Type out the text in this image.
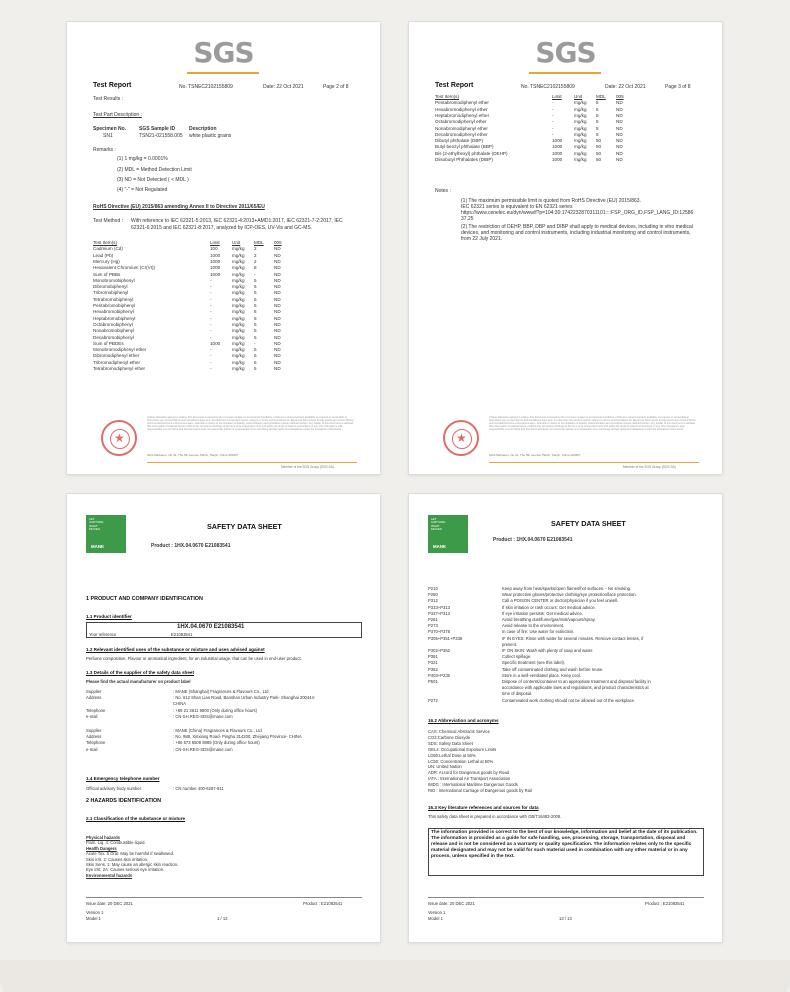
SGS
Test Report	No. TSNEC2102155809	Date: 22 Oct 2021	Page 2 of 8
Test Results :
Test Part Description :
Specimen No.	SGS Sample ID	Description
SN1	TSN21-021558.005 white plastic grains
Remarks :
(1) 1 mg/kg = 0.0001%
(2) MDL = Method Detection Limit
(3) ND = Not Detected ( < MDL )
(4) "-" = Not Regulated
RoHS Directive (EU) 2015/863 amending Annex II to Directive 2011/65/EU
Test Method : With reference to IEC 62321-5:2013, IEC 62321-4:2013+AMD1:2017, IEC 62321-7-2:2017, IEC
62321-6:2015 and IEC 62321-8:2017, analyzed by ICP-OES, UV-Vis and GC-MS.
Test Item(s)	Limit	Unit	MDL 005
Cadmium (Cd)	100	mg/kg 2	ND
Lead (Pb)	1000	mg/kg 2	ND
Mercury (Hg)	1000	mg/kg 2	ND
Hexavalent Chromium (Cr(VI))	1000	mg/kg 8	ND
Sum of PBBs	1000	mg/kg -	ND
Monobromobiphenyl	-	mg/kg 5	ND
Dibromobiphenyl	-	mg/kg 5	ND
Tribromobiphenyl	-	mg/kg 5	ND
Tetrabromobiphenyl	-	mg/kg 5	ND
Pentabromobiphenyl	-	mg/kg 5	ND
Hexabromobiphenyl	-	mg/kg 5	ND
Heptabromobiphenyl	-	mg/kg 5	ND
Octabromobiphenyl	-	mg/kg 5	ND
Nonabromobiphenyl	-	mg/kg 5	ND
Decabromobiphenyl	-	mg/kg 5	ND
Sum of PBDEs	1000	mg/kg -	ND
Monobromodiphenyl ether	-	mg/kg 5	ND
Dibromodiphenyl ether	-	mg/kg 5	ND
Tribromodiphenyl ether	-	mg/kg 5	ND
Tetrabromodiphenyl ether	-	mg/kg 5	ND
Unless otherwise agreed in writing, this document is issued by the Company subject to its General Conditions of Service printed overleaf, available on request or accessible at http://www.sgs.com/en/Terms-and-Conditions.aspx and, for electronic format documents, subject to Terms and Conditions for Electronic Documents at http://www.sgs.com/en/Terms-and-Conditions/Terms-e-Document.aspx. Attention is drawn to the limitation of liability, indemnification and jurisdiction issues defined therein. Any holder of this document is advised that information contained hereon reflects the Company's findings at the time of its intervention only and within the limits of Client's instructions, if any. The Company's sole responsibility is to its Client and this document does not exonerate parties to a transaction from exercising all their rights and obligations under the transaction documents.
★
SGS Marketon, No.41, The 5th Avenue TEDA, Tianjin, China 300457
Member of the SGS Group (SGS SA)
SGS
Test Report	No. TSNEC2102155809	Date: 22 Oct 2021	Page 3 of 8
Test Item(s)	Limit	Unit	MDL 005
Pentabromodiphenyl ether	-	mg/kg 5	ND
Hexabromodiphenyl ether	-	mg/kg 5	ND
Heptabromodiphenyl ether	-	mg/kg 5	ND
Octabromodiphenyl ether	-	mg/kg 5	ND
Nonabromodiphenyl ether	-	mg/kg 5	ND
Decabromodiphenyl ether	-	mg/kg 5	ND
Dibutyl phthalate (DBP)	1000	mg/kg 50	ND
Butyl benzyl phthalate (BBP)	1000	mg/kg 50	ND
Bis (2-ethylhexyl) phthalate (DEHP)	1000	mg/kg 50	ND
Diisobutyl Phthalates (DIBP)	1000	mg/kg 50	ND
Notes :
(1) The maximum permissible limit is quoted from RoHS Directive (EU) 2015/863.
IEC 62321 series is equivalent to EN 62321 series
https://www.cenelec.eu/dyn/www/f?p=104:30:1742232870311101::::FSP_ORG_ID,FSP_LANG_ID:12586
37,25
(2) The restriction of DEHP, BBP, DBP and DIBP shall apply to medical devices, including in vitro medical
devices, and monitoring and control instruments, including industrial monitoring and control instruments,
from 22 July 2021.
Unless otherwise agreed in writing, this document is issued by the Company subject to its General Conditions of Service printed overleaf, available on request or accessible at http://www.sgs.com/en/Terms-and-Conditions.aspx and, for electronic format documents, subject to Terms and Conditions for Electronic Documents at http://www.sgs.com/en/Terms-and-Conditions/Terms-e-Document.aspx. Attention is drawn to the limitation of liability, indemnification and jurisdiction issues defined therein. Any holder of this document is advised that information contained hereon reflects the Company's findings at the time of its intervention only and within the limits of Client's instructions, if any. The Company's sole responsibility is to its Client and this document does not exonerate parties to a transaction from exercising all their rights and obligations under the transaction documents.
★
SGS Marketon, No.41, The 5th Avenue TEDA, Tianjin, China 300457
Member of the SGS Group (SGS SA)
LET CAPTURE WHAT MOVES
MANE
SAFETY DATA SHEET
Product : 1HX.04.0670 E21083541
1 PRODUCT AND COMPANY IDENTIFICATION
1.1 Product identifier
1HX.04.0670 E21083541
Your reference	E21083541
1.2 Relevant identified uses of the substance or mixture and uses advised against
Perfume composition, Flavour or aromatical ingredient, for an industrial usage, that can be used in end-user product.
1.3 Details of the supplier of the safety data sheet
Please find the actual manufacturer on product label
Supplier	: MANE (Shanghai) Fragrances & Flavours Co., Ltd
Address	: No. 612 Shan Lian Road, Baoshan Urban Industry Park- Shanghai 200444-
CHINA
Telephone	: +86 21 3611 9900 (Only during office hours)
e-mail	: CN-SH.REG-SDS@mane.com
Supplier	: MANE (China) Fragrances & Flavours Co., Ltd
Address	: No. 988, Xinxiang Road- Pinghu 314200, Zhejiang Province- CHINA
Telephone	: +86 573 8509 8989 (Only during office hours)
e-mail	: CN-SH.REG-SDS@mane.com
1.4 Emergency telephone number
Official advisory body number	: CN number 400-6267-911
2 HAZARDS IDENTIFICATION
2.1 Classification of the substance or mixture
Physical hazards
Flam. Liq. 4: Combustible liquid.
Health Dangers
Acute Tox. 5 Oral: May be harmful if swallowed.
Skin irrit. 2: Causes skin irritation.
Skin Sens. 1: May cause an allergic skin reaction.
Eye Irrit. 2A: Causes serious eye irritation.
Environmental hazards
Issue date: 20 DEC 2021	Product : E21083541
Version 1
Model 1	1 / 13
LET CAPTURE WHAT MOVES
MANE
SAFETY DATA SHEET
Product : 1HX.04.0670 E21083541
P210	Keep away from heat/sparks/open flames/hot surfaces. - No smoking.
P280	Wear protective gloves/protective clothing/eye protection/face protection.
P312	Call a POISON CENTER or doctor/physician if you feel unwell.
P333+P313	If skin irritation or rash occurs: Get medical advice.
P337+P313	If eye irritation persists: Get medical advice.
P261	Avoid breathing dust/fume/gas/mist/vapours/spray.
P273	Avoid release to the environment.
P370+P378	In case of fire: Use water for extinction.
P305+P351+P338	IF IN EYES: Rinse with water for several minutes. Remove contact lenses, if
present.
P302+P352	IF ON SKIN: Wash with plenty of soap and water.
P391	Collect spillage.
P321	Specific treatment (see this label).
P362	Take off contaminated clothing and wash before reuse.
P403+P235	Store in a well-ventilated place. Keep cool.
P501	Dispose of contents/container to an appropriate treatment and disposal facility in
accordance with applicable laws and regulations, and product characteristics at
time of disposal.
P272	Contaminated work clothing should not be allowed out of the workplace.
16.2 Abbreviation and acronyms
CAS: Chemical Abstracts Service
CO2:Carbone Dioxyde
SDS: Safety Data Sheet
OELs: Occupational Exposure Limits
LD50:Lethal Dose at 50%
LC50: Concentration Lethal at 50%
UN: United Nation
ADR: Accord for Dangerous goods by Road
IATA : International Air Transport Association
IMDG : International Maritime Dangerous Goods
RID : International Carriage of Dangerous goods by Rail
16.3 Key literature references and sources for data
This safety data sheet is prepared in accordance with GB/T16483-2008.
The information provided is correct to the best of our knowledge, information and belief at the date of its publication. The information is provided as a guide for safe handling, use, processing, storage, transportation, disposal and release and is not be considered as a warranty or quality specification. The information relates only to the specific material designated and may not be valid for such material used in combination with any other material or in any process, unless specified in the text.
Issue date: 20 DEC 2021	Product : E21083541
Version 1
Model 1	13 / 13
